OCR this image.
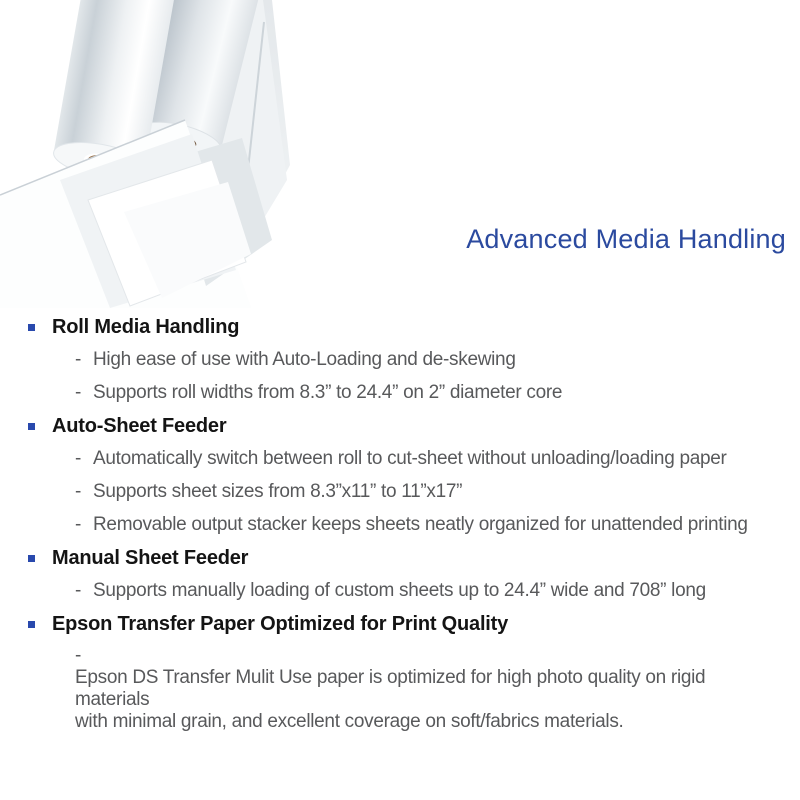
Advanced Media Handling
Roll Media Handling
- High ease of use with Auto-Loading and de-skewing
- Supports roll widths from 8.3” to 24.4” on 2” diameter core
Auto-Sheet Feeder
- Automatically switch between roll to cut-sheet without unloading/loading paper
- Supports sheet sizes from 8.3”x11” to 11”x17”
- Removable output stacker keeps sheets neatly organized for unattended printing
Manual Sheet Feeder
- Supports manually loading of custom sheets up to 24.4” wide and 708” long
Epson Transfer Paper Optimized for Print Quality
-
Epson DS Transfer Mulit Use paper is optimized for high photo quality on rigid materials
with minimal grain, and excellent coverage on soft/fabrics materials.
